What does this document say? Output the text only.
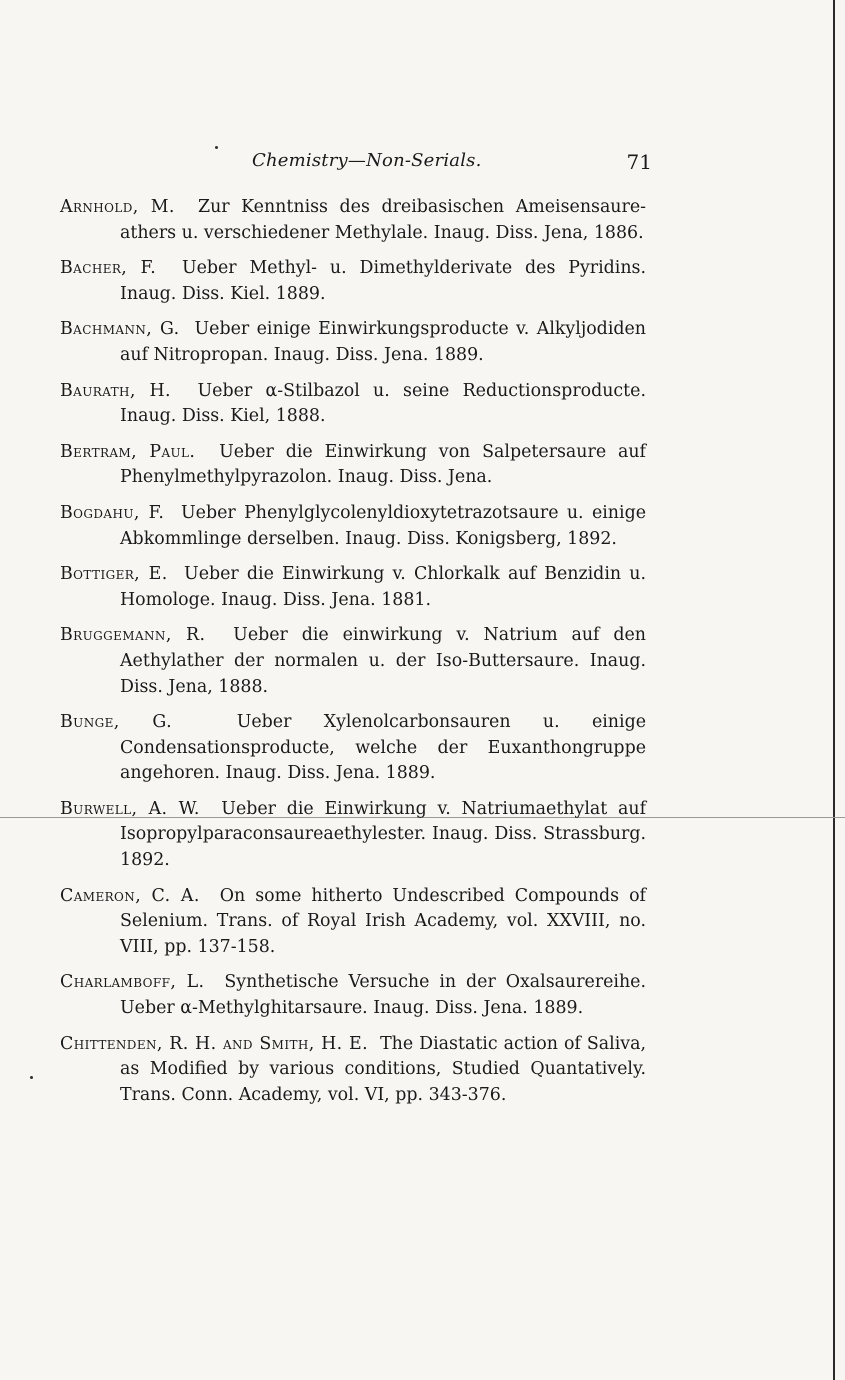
Chemistry—Non-Serials.	71

Arnhold, M. Zur Kenntniss des dreibasischen Ameisensaure-athers u. verschiedener Methylale. Inaug. Diss. Jena, 1886.

Bacher, F. Ueber Methyl- u. Dimethylderivate des Pyridins. Inaug. Diss. Kiel. 1889.

Bachmann, G. Ueber einige Einwirkungsproducte v. Alkyljodiden auf Nitropropan. Inaug. Diss. Jena. 1889.

Baurath, H. Ueber α-Stilbazol u. seine Reductionsproducte. Inaug. Diss. Kiel, 1888.

Bertram, Paul. Ueber die Einwirkung von Salpetersaure auf Phenylmethylpyrazolon. Inaug. Diss. Jena.

Bogdahu, F. Ueber Phenylglycolenyldioxytetrazotsaure u. einige Abkommlinge derselben. Inaug. Diss. Konigsberg, 1892.

Bottiger, E. Ueber die Einwirkung v. Chlorkalk auf Benzidin u. Homologe. Inaug. Diss. Jena. 1881.

Bruggemann, R. Ueber die einwirkung v. Natrium auf den Aethylather der normalen u. der Iso-Buttersaure. Inaug. Diss. Jena, 1888.

Bunge, G.	Ueber Xylenolcarbonsauren u. einige Condensationsproducte, welche der Euxanthongruppe angehoren. Inaug. Diss. Jena. 1889.

Burwell, A. W. Ueber die Einwirkung v. Natriumaethylat auf Isopropylparaconsaureaethylester. Inaug. Diss. Strassburg. 1892.

Cameron, C. A. On some hitherto Undescribed Compounds of Selenium. Trans. of Royal Irish Academy, vol. XXVIII, no. VIII, pp. 137-158.

Charlamboff, L. Synthetische Versuche in der Oxalsaurereihe. Ueber α-Methylghitarsaure. Inaug. Diss. Jena. 1889.

Chittenden, R. H. and Smith, H. E. The Diastatic action of Saliva, as Modified by various conditions, Studied Quantatively. Trans. Conn. Academy, vol. VI, pp. 343-376.
